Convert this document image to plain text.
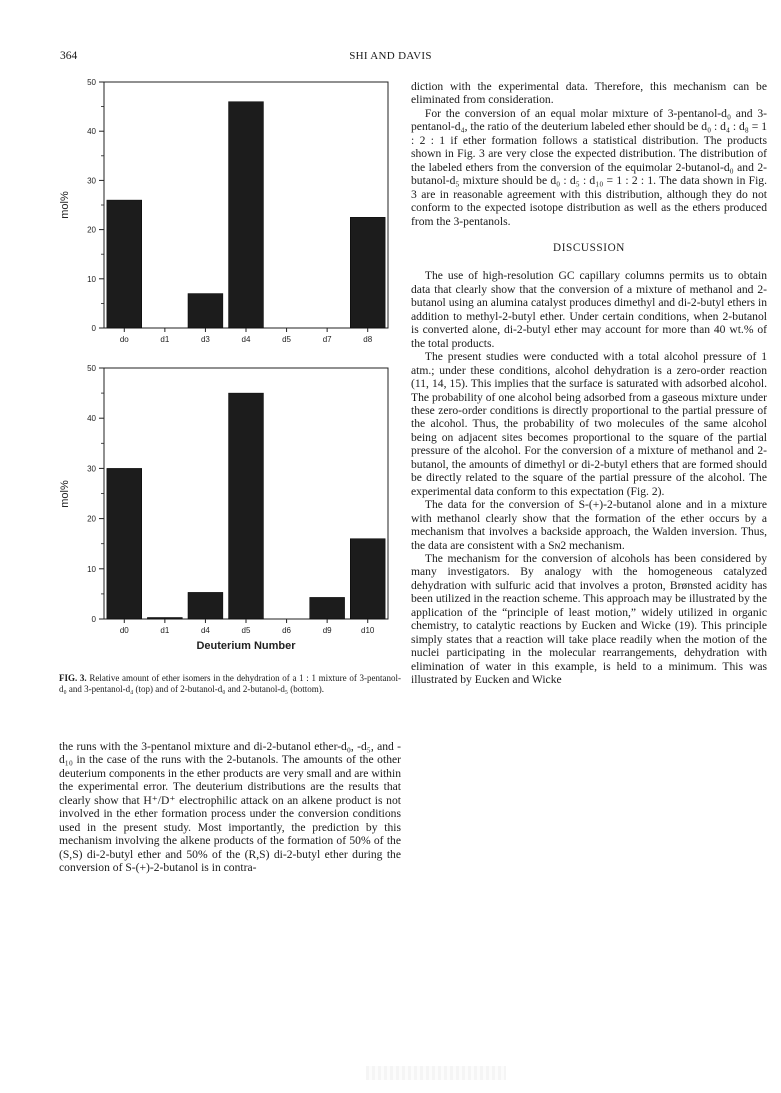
364	SHI AND DAVIS
0
10
20
30
40
50
mol%
do	d1	d3	d4	d5	d7	d8
0
10
20
30
40
50
mol%
d0	d1	d4	d5	d6	d9	d10
Deuterium Number
FIG. 3. Relative amount of ether isomers in the dehydration of a 1 : 1 mixture of 3-pentanol-d₀ and 3-pentanol-d₄ (top) and of 2-butanol-d₀ and 2-butanol-d₅ (bottom).

diction with the experimental data. Therefore, this mechanism can be eliminated from consideration.

For the conversion of an equal molar mixture of 3-pentanol-d₀ and 3-pentanol-d₄, the ratio of the deuterium labeled ether should be d₀ : d₄ : d₈ = 1 : 2 : 1 if ether formation follows a statistical distribution. The products shown in Fig. 3 are very close the expected distribution. The distribution of the labeled ethers from the conversion of the equimolar 2-butanol-d₀ and 2-butanol-d₅ mixture should be d₀ : d₅ : d₁₀ = 1 : 2 : 1. The data shown in Fig. 3 are in reasonable agreement with this distribution, although they do not conform to the expected isotope distribution as well as the ethers produced from the 3-pentanols.

DISCUSSION

The use of high-resolution GC capillary columns permits us to obtain data that clearly show that the conversion of a mixture of methanol and 2-butanol using an alumina catalyst produces dimethyl and di-2-butyl ethers in addition to methyl-2-butyl ether. Under certain conditions, when 2-butanol is converted alone, di-2-butyl ether may account for more than 40 wt.% of the total products.

The present studies were conducted with a total alcohol pressure of 1 atm.; under these conditions, alcohol dehydration is a zero-order reaction (11, 14, 15). This implies that the surface is saturated with adsorbed alcohol. The probability of one alcohol being adsorbed from a gaseous mixture under these zero-order conditions is directly proportional to the partial pressure of the alcohol. Thus, the probability of two molecules of the same alcohol being on adjacent sites becomes proportional to the square of the partial pressure of the alcohol. For the conversion of a mixture of methanol and 2-butanol, the amounts of dimethyl or di-2-butyl ethers that are formed should be directly related to the square of the partial pressure of the alcohol. The experimental data conform to this expectation (Fig. 2).

The data for the conversion of S-(+)-2-butanol alone and in a mixture with methanol clearly show that the formation of the ether occurs by a mechanism that involves a backside approach, the Walden inversion. Thus, the data are consistent with a Sɴ2 mechanism.

The mechanism for the conversion of alcohols has been considered by many investigators. By analogy with the homogeneous catalyzed dehydration with sulfuric acid that involves a proton, Brønsted acidity has been utilized in the reaction scheme. This approach may be illustrated by the application of the “principle of least motion,” widely utilized in organic chemistry, to catalytic reactions by Eucken and Wicke (19). This principle simply states that a reaction will take place readily when the motion of the nuclei participating in the molecular rearrangements, dehydration with elimination of water in this example, is held to a minimum. This was illustrated by Eucken and Wicke

the runs with the 3-pentanol mixture and di-2-butanol ether-d₀, -d₅, and -d₁₀ in the case of the runs with the 2-butanols. The amounts of the other deuterium components in the ether products are very small and are within the experimental error. The deuterium distributions are the results that clearly show that H⁺/D⁺ electrophilic attack on an alkene product is not involved in the ether formation process under the conversion conditions used in the present study. Most importantly, the prediction by this mechanism involving the alkene products of the formation of 50% of the (S,S) di-2-butyl ether and 50% of the (R,S) di-2-butyl ether during the conversion of S-(+)-2-butanol is in contra-
